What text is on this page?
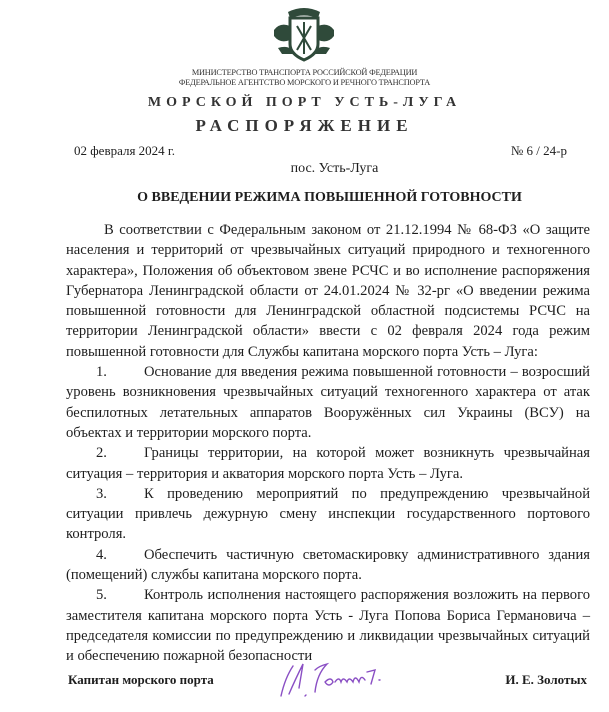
МИНИСТЕРСТВО ТРАНСПОРТА РОССИЙСКОЙ ФЕДЕРАЦИИ
ФЕДЕРАЛЬНОЕ АГЕНТСТВО МОРСКОГО И РЕЧНОГО ТРАНСПОРТА
МОРСКОЙ ПОРТ УСТЬ-ЛУГА
РАСПОРЯЖЕНИЕ
02 февраля 2024 г.	№ 6 / 24-р
пос. Усть-Луга
О ВВЕДЕНИИ РЕЖИМА ПОВЫШЕННОЙ ГОТОВНОСТИ

В соответствии с Федеральным законом от 21.12.1994 № 68-ФЗ «О защите населения и территорий от чрезвычайных ситуаций природного и техногенного характера», Положения об объектовом звене РСЧС и во исполнение распоряжения Губернатора Ленинградской области от 24.01.2024 № 32-рг «О введении режима повышенной готовности для Ленинградской областной подсистемы РСЧС на территории Ленинградской области» ввести с 02 февраля 2024 года режим повышенной готовности для Службы капитана морского порта Усть – Луга:

1.	Основание для введения режима повышенной готовности – возросший уровень возникновения чрезвычайных ситуаций техногенного характера от атак беспилотных летательных аппаратов Вооружённых сил Украины (ВСУ) на объектах и территории морского порта.

2.	Границы территории, на которой может возникнуть чрезвычайная ситуация – территория и акватория морского порта Усть – Луга.

3.	К проведению мероприятий по предупреждению чрезвычайной ситуации привлечь дежурную смену инспекции государственного портового контроля.

4.	Обеспечить частичную светомаскировку административного здания (помещений) службы капитана морского порта.

5.	Контроль исполнения настоящего распоряжения возложить на первого заместителя капитана морского порта Усть - Луга Попова Бориса Германовича – председателя комиссии по предупреждению и ликвидации чрезвычайных ситуаций и обеспечению пожарной безопасности

Капитан морского порта	И. Е. Золотых
